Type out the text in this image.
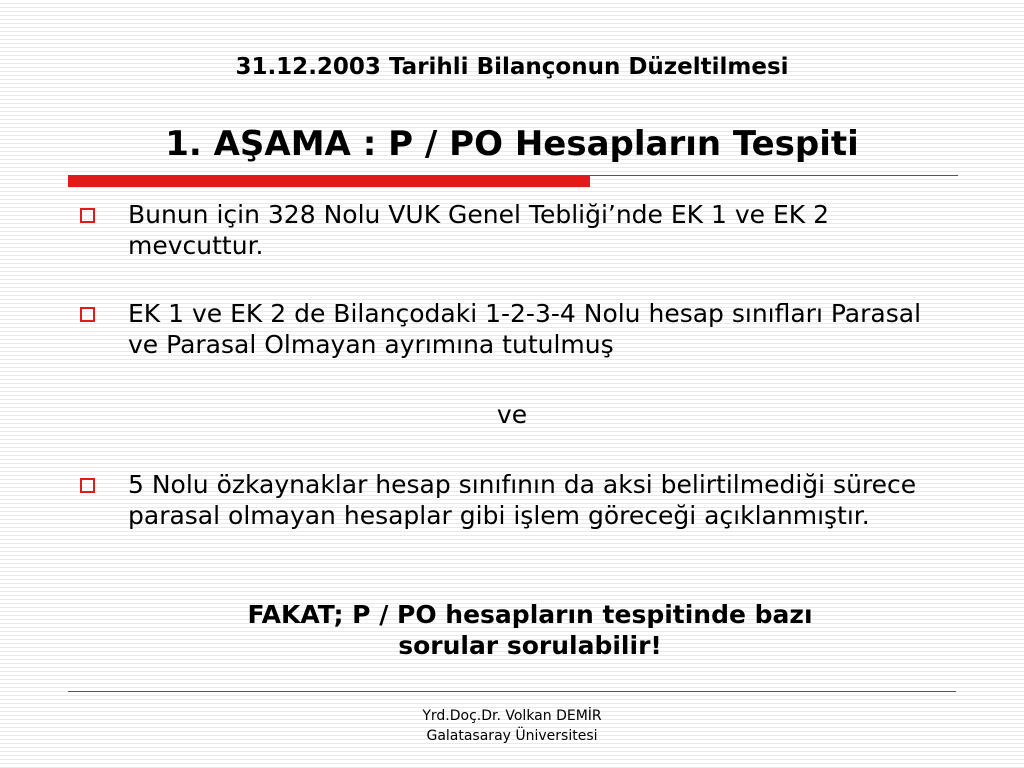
31.12.2003 Tarihli Bilançonun Düzeltilmesi
1. AŞAMA : P / PO Hesapların Tespiti
Bunun için 328 Nolu VUK Genel Tebliği’nde EK 1 ve EK 2 mevcuttur.
EK 1 ve EK 2 de Bilançodaki 1-2-3-4 Nolu hesap sınıfları Parasal ve Parasal Olmayan ayrımına tutulmuş
ve
5 Nolu özkaynaklar hesap sınıfının da aksi belirtilmediği sürece parasal olmayan hesaplar gibi işlem göreceği açıklanmıştır.
FAKAT; P / PO hesapların tespitinde bazı sorular sorulabilir!
Yrd.Doç.Dr. Volkan DEMİR
Galatasaray Üniversitesi
